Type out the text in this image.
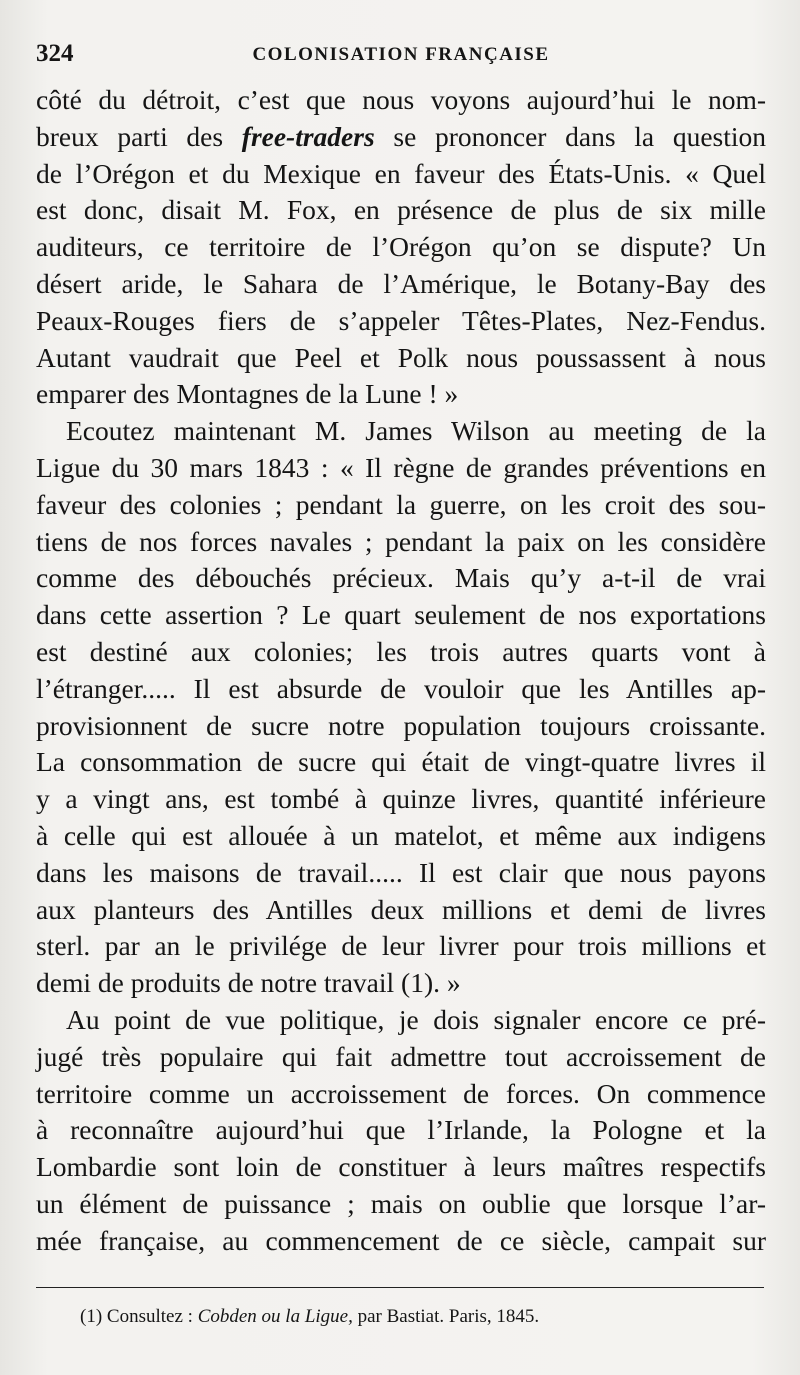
324	COLONISATION FRANÇAISE
côté du détroit, c’est que nous voyons aujourd’hui le nom-
breux parti des free-traders se prononcer dans la question
de l’Orégon et du Mexique en faveur des États-Unis. « Quel
est donc, disait M. Fox, en présence de plus de six mille
auditeurs, ce territoire de l’Orégon qu’on se dispute? Un
désert aride, le Sahara de l’Amérique, le Botany-Bay des
Peaux-Rouges fiers de s’appeler Têtes-Plates, Nez-Fendus.
Autant vaudrait que Peel et Polk nous poussassent à nous
emparer des Montagnes de la Lune ! »
Ecoutez maintenant M. James Wilson au meeting de la
Ligue du 30 mars 1843 : « Il règne de grandes préventions en
faveur des colonies ; pendant la guerre, on les croit des sou-
tiens de nos forces navales ; pendant la paix on les considère
comme des débouchés précieux. Mais qu’y a-t-il de vrai
dans cette assertion ? Le quart seulement de nos exportations
est destiné aux colonies; les trois autres quarts vont à
l’étranger..... Il est absurde de vouloir que les Antilles ap-
provisionnent de sucre notre population toujours croissante.
La consommation de sucre qui était de vingt-quatre livres il
y a vingt ans, est tombé à quinze livres, quantité inférieure
à celle qui est allouée à un matelot, et même aux indigens
dans les maisons de travail..... Il est clair que nous payons
aux planteurs des Antilles deux millions et demi de livres
sterl. par an le privilége de leur livrer pour trois millions et
demi de produits de notre travail (1). »
Au point de vue politique, je dois signaler encore ce pré-
jugé très populaire qui fait admettre tout accroissement de
territoire comme un accroissement de forces. On commence
à reconnaître aujourd’hui que l’Irlande, la Pologne et la
Lombardie sont loin de constituer à leurs maîtres respectifs
un élément de puissance ; mais on oublie que lorsque l’ar-
mée française, au commencement de ce siècle, campait sur
(1) Consultez : Cobden ou la Ligue, par Bastiat. Paris, 1845.
